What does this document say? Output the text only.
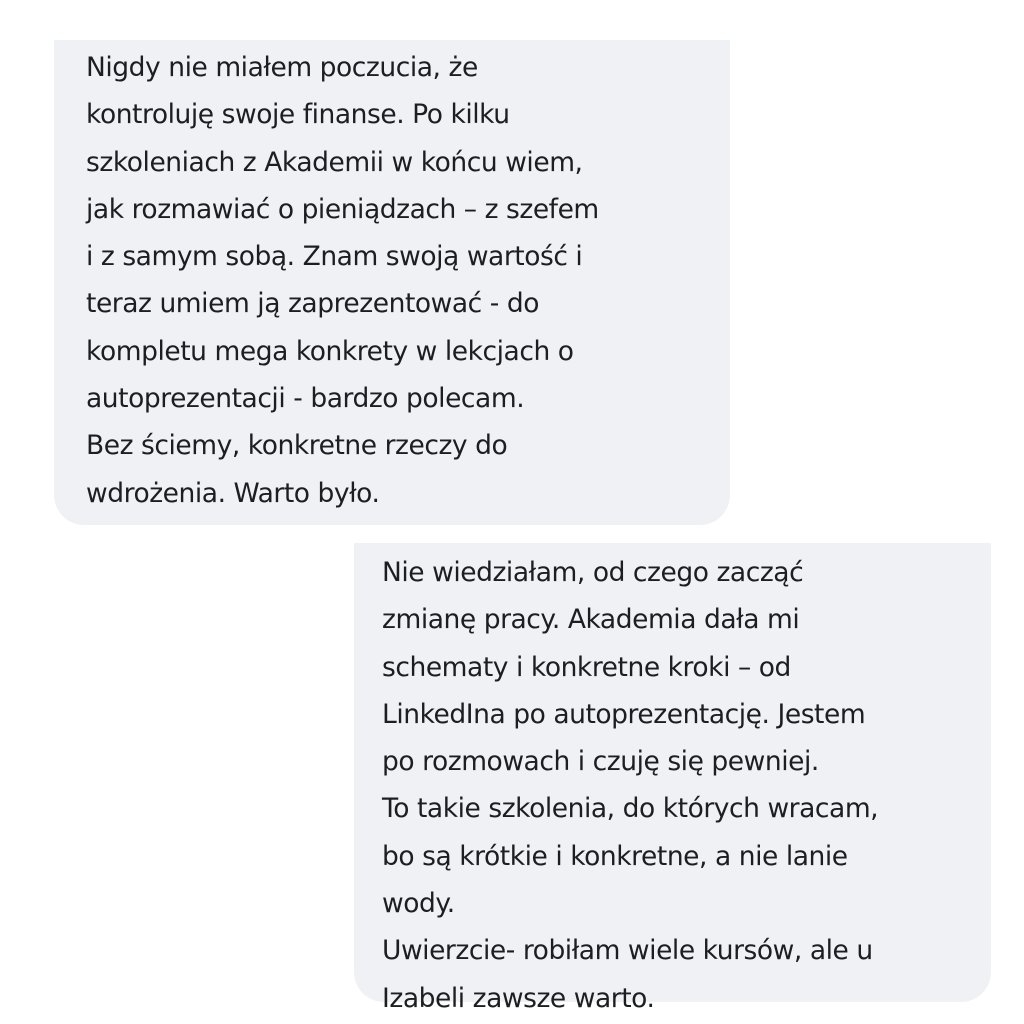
Nigdy nie miałem poczucia, że
kontroluję swoje finanse. Po kilku
szkoleniach z Akademii w końcu wiem,
jak rozmawiać o pieniądzach – z szefem
i z samym sobą. Znam swoją wartość i
teraz umiem ją zaprezentować - do
kompletu mega konkrety w lekcjach o
autoprezentacji - bardzo polecam.
Bez ściemy, konkretne rzeczy do
wdrożenia. Warto było.

Nie wiedziałam, od czego zacząć
zmianę pracy. Akademia dała mi
schematy i konkretne kroki – od
LinkedIna po autoprezentację. Jestem
po rozmowach i czuję się pewniej.
To takie szkolenia, do których wracam,
bo są krótkie i konkretne, a nie lanie
wody.
Uwierzcie- robiłam wiele kursów, ale u
Izabeli zawsze warto.
